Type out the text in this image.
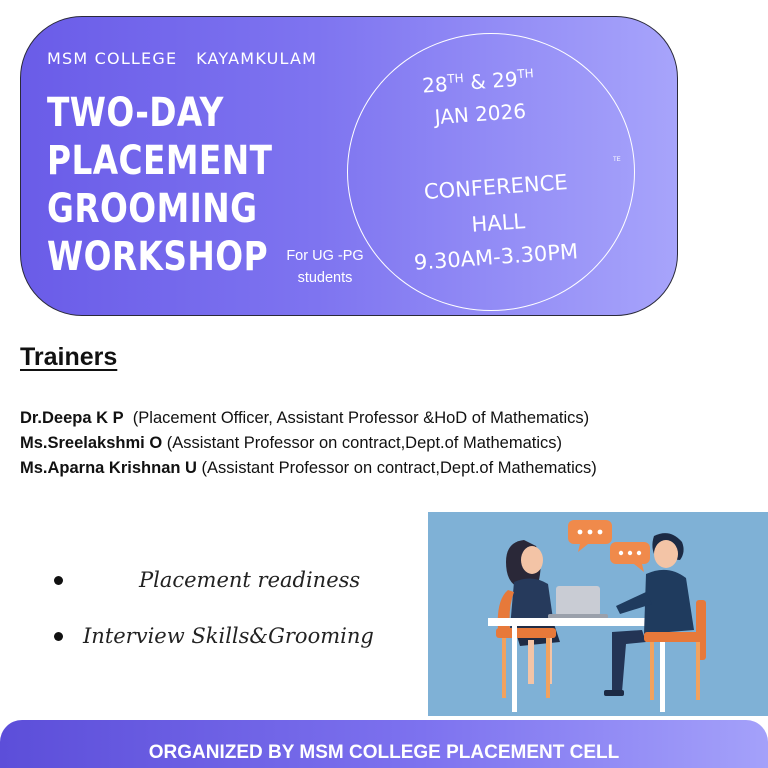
MSM COLLEGE   KAYAMKULAM
TWO-DAY
PLACEMENT
GROOMING
WORKSHOP	For UG -PG
students
28TH & 29TH
JAN 2026
CONFERENCE
HALL
9.30AM-3.30PM
TE
Trainers
Dr.Deepa K P (Placement Officer, Assistant Professor &HoD of Mathematics)
Ms.Sreelakshmi O (Assistant Professor on contract,Dept.of Mathematics)
Ms.Aparna Krishnan U (Assistant Professor on contract,Dept.of Mathematics)
Placement readiness
Interview Skills&Grooming
ORGANIZED BY MSM COLLEGE PLACEMENT CELL
